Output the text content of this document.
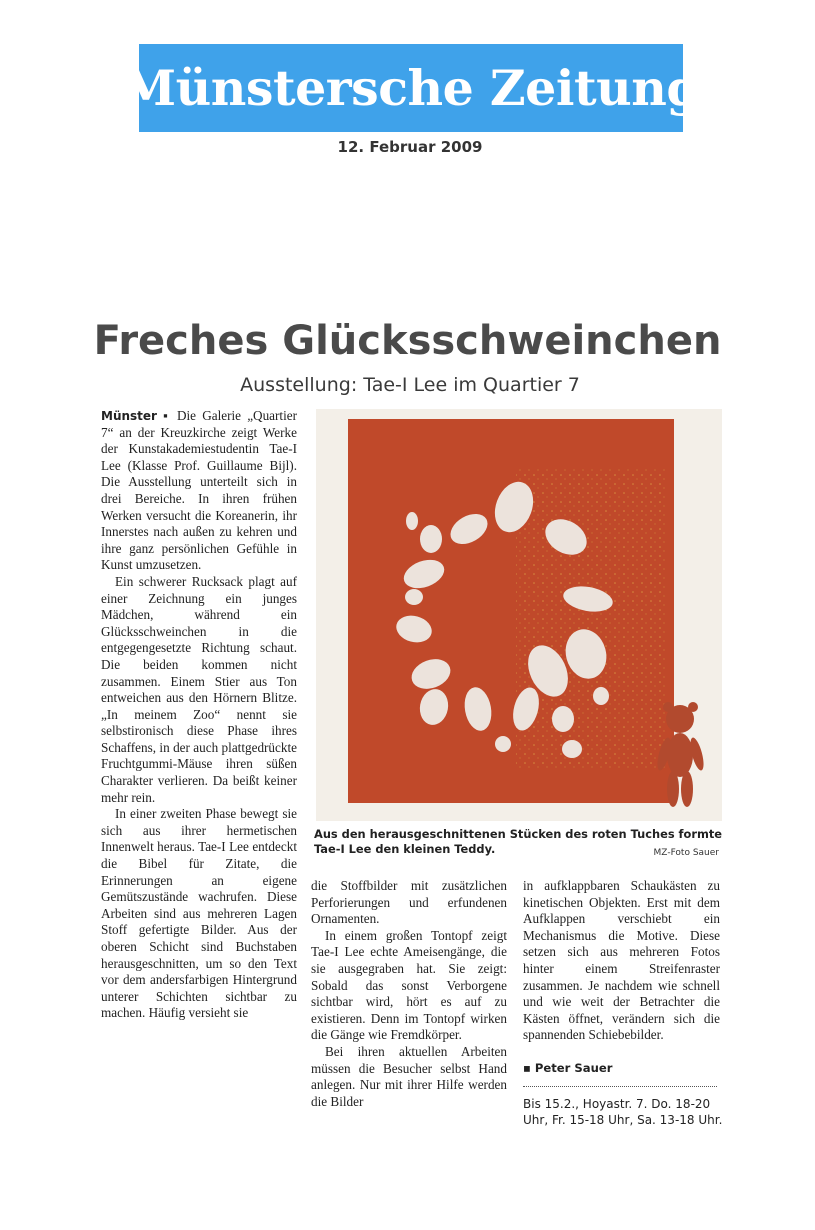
Münstersche Zeitung
12. Februar 2009
Freches Glücksschweinchen
Ausstellung: Tae-I Lee im Quartier 7

Münster ▪ Die Galerie „Quartier 7“ an der Kreuzkirche zeigt Werke der Kunstakademiestudentin Tae-I Lee (Klasse Prof. Guillaume Bijl). Die Ausstellung unterteilt sich in drei Bereiche. In ihren frühen Werken versucht die Koreanerin, ihr Innerstes nach außen zu kehren und ihre ganz persönlichen Gefühle in Kunst umzusetzen.

Ein schwerer Rucksack plagt auf einer Zeichnung ein junges Mädchen, während ein Glücksschweinchen in die entgegengesetzte Richtung schaut. Die beiden kommen nicht zusammen. Einem Stier aus Ton entweichen aus den Hörnern Blitze. „In meinem Zoo“ nennt sie selbstironisch diese Phase ihres Schaffens, in der auch plattgedrückte Fruchtgummi-Mäuse ihren süßen Charakter verlieren. Da beißt keiner mehr rein.

In einer zweiten Phase bewegt sie sich aus ihrer hermetischen Innenwelt heraus. Tae-I Lee entdeckt die Bibel für Zitate, die Erinnerungen an eigene Gemütszustände wachrufen. Diese Arbeiten sind aus mehreren Lagen Stoff gefertigte Bilder. Aus der oberen Schicht sind Buchstaben herausgeschnitten, um so den Text vor dem andersfarbigen Hintergrund unterer Schichten sichtbar zu machen. Häufig versieht sie

Aus den herausgeschnittenen Stücken des roten Tuches formte Tae-I Lee den kleinen Teddy.	MZ-Foto Sauer

die Stoffbilder mit zusätzlichen Perforierungen und erfundenen Ornamenten.

In einem großen Tontopf zeigt Tae-I Lee echte Ameisengänge, die sie ausgegraben hat. Sie zeigt: Sobald das sonst Verborgene sichtbar wird, hört es auf zu existieren. Denn im Tontopf wirken die Gänge wie Fremdkörper.

Bei ihren aktuellen Arbeiten müssen die Besucher selbst Hand anlegen. Nur mit ihrer Hilfe werden die Bilder

in aufklappbaren Schaukästen zu kinetischen Objekten. Erst mit dem Aufklappen verschiebt ein Mechanismus die Motive. Diese setzen sich aus mehreren Fotos hinter einem Streifenraster zusammen. Je nachdem wie schnell und wie weit der Betrachter die Kästen öffnet, verändern sich die spannenden Schiebebilder.

▪ Peter Sauer
Bis 15.2., Hoyastr. 7. Do. 18-20
Uhr, Fr. 15-18 Uhr, Sa. 13-18 Uhr.
